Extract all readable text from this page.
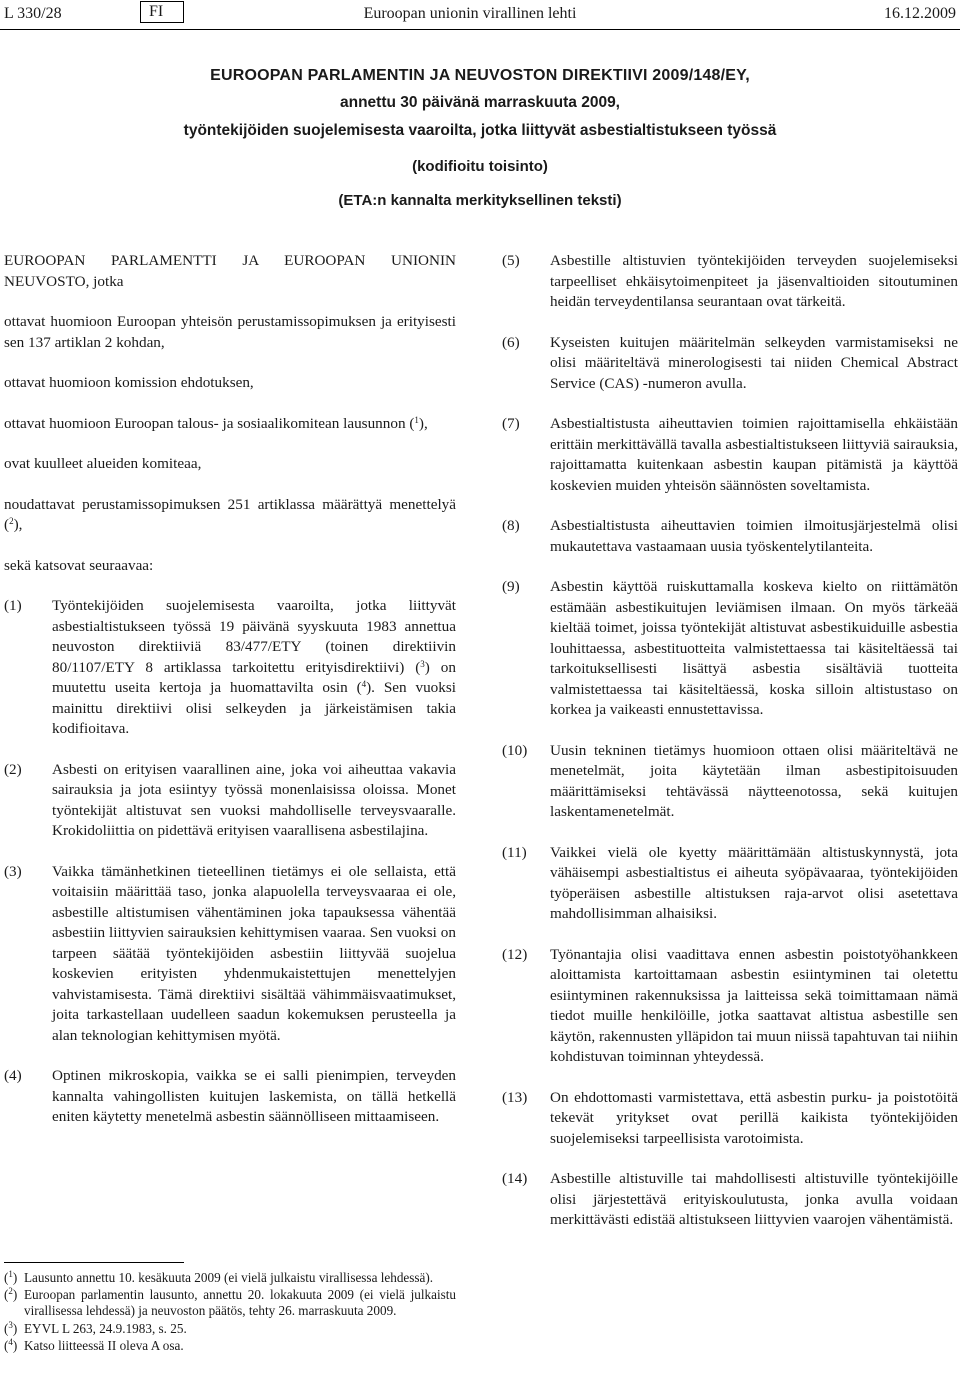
L 330/28	FI	Euroopan unionin virallinen lehti	16.12.2009
EUROOPAN PARLAMENTIN JA NEUVOSTON DIREKTIIVI 2009/148/EY,
annettu 30 päivänä marraskuuta 2009,
työntekijöiden suojelemisesta vaaroilta, jotka liittyvät asbestialtistukseen työssä
(kodifioitu toisinto)
(ETA:n kannalta merkityksellinen teksti)
EUROOPAN PARLAMENTTI JA EUROOPAN UNIONIN NEUVOSTO, jotka
ottavat huomioon Euroopan yhteisön perustamissopimuksen ja erityisesti sen 137 artiklan 2 kohdan,
ottavat huomioon komission ehdotuksen,
ottavat huomioon Euroopan talous- ja sosiaalikomitean lausunnon ($^1$),
ovat kuulleet alueiden komiteaa,
noudattavat perustamissopimuksen 251 artiklassa määrättyä menettelyä ($^2$),
sekä katsovat seuraavaa:
(1)	Työntekijöiden suojelemisesta vaaroilta, jotka liittyvät asbestialtistukseen työssä 19 päivänä syyskuuta 1983 annettua neuvoston direktiiviä 83/477/ETY (toinen direktiivin 80/1107/ETY 8 artiklassa tarkoitettu erityisdirektiivi) ($^3$) on muutettu useita kertoja ja huomattavilta osin ($^4$). Sen vuoksi mainittu direktiivi olisi selkeyden ja järkeistämisen takia kodifioitava.
(2)	Asbesti on erityisen vaarallinen aine, joka voi aiheuttaa vakavia sairauksia ja jota esiintyy työssä monenlaisissa oloissa. Monet työntekijät altistuvat sen vuoksi mahdolliselle terveysvaaralle. Krokidoliittia on pidettävä erityisen vaarallisena asbestilajina.
(3)	Vaikka tämänhetkinen tieteellinen tietämys ei ole sellaista, että voitaisiin määrittää taso, jonka alapuolella terveysvaaraa ei ole, asbestille altistumisen vähentäminen joka tapauksessa vähentää asbestiin liittyvien sairauksien kehittymisen vaaraa. Sen vuoksi on tarpeen säätää työntekijöiden asbestiin liittyvää suojelua koskevien erityisten yhdenmukaistettujen menettelyjen vahvistamisesta. Tämä direktiivi sisältää vähimmäisvaatimukset, joita tarkastellaan uudelleen saadun kokemuksen perusteella ja alan teknologian kehittymisen myötä.
(4)	Optinen mikroskopia, vaikka se ei salli pienimpien, terveyden kannalta vahingollisten kuitujen laskemista, on tällä hetkellä eniten käytetty menetelmä asbestin säännölliseen mittaamiseen.
(5)	Asbestille altistuvien työntekijöiden terveyden suojelemiseksi tarpeelliset ehkäisytoimenpiteet ja jäsenvaltioiden sitoutuminen heidän terveydentilansa seurantaan ovat tärkeitä.
(6)	Kyseisten kuitujen määritelmän selkeyden varmistamiseksi ne olisi määriteltävä minerologisesti tai niiden Chemical Abstract Service (CAS) -numeron avulla.
(7)	Asbestialtistusta aiheuttavien toimien rajoittamisella ehkäistään erittäin merkittävällä tavalla asbestialtistukseen liittyviä sairauksia, rajoittamatta kuitenkaan asbestin kaupan pitämistä ja käyttöä koskevien muiden yhteisön säännösten soveltamista.
(8)	Asbestialtistusta aiheuttavien toimien ilmoitusjärjestelmä olisi mukautettava vastaamaan uusia työskentelytilanteita.
(9)	Asbestin käyttöä ruiskuttamalla koskeva kielto on riittämätön estämään asbestikuitujen leviämisen ilmaan. On myös tärkeää kieltää toimet, joissa työntekijät altistuvat asbestikuiduille asbestia louhittaessa, asbestituotteita valmistettaessa tai käsiteltäessä tai tarkoituksellisesti lisättyä asbestia sisältäviä tuotteita valmistettaessa tai käsiteltäessä, koska silloin altistustaso on korkea ja vaikeasti ennustettavissa.
(10)	Uusin tekninen tietämys huomioon ottaen olisi määriteltävä ne menetelmät, joita käytetään ilman asbestipitoisuuden määrittämiseksi tehtävässä näytteenotossa, sekä kuitujen laskentamenetelmät.
(11)	Vaikkei vielä ole kyetty määrittämään altistuskynnystä, jota vähäisempi asbestialtistus ei aiheuta syöpävaaraa, työntekijöiden työperäisen asbestille altistuksen raja-arvot olisi asetettava mahdollisimman alhaisiksi.
(12)	Työnantajia olisi vaadittava ennen asbestin poistotyöhankkeen aloittamista kartoittamaan asbestin esiintyminen tai oletettu esiintyminen rakennuksissa ja laitteissa sekä toimittamaan nämä tiedot muille henkilöille, jotka saattavat altistua asbestille sen käytön, rakennusten ylläpidon tai muun niissä tapahtuvan tai niihin kohdistuvan toiminnan yhteydessä.
(13)	On ehdottomasti varmistettava, että asbestin purku- ja poistotöitä tekevät yritykset ovat perillä kaikista työntekijöiden suojelemiseksi tarpeellisista varotoimista.
(14)	Asbestille altistuville tai mahdollisesti altistuville työntekijöille olisi järjestettävä erityiskoulutusta, jonka avulla voidaan merkittävästi edistää altistukseen liittyvien vaarojen vähentämistä.
($^1$) Lausunto annettu 10. kesäkuuta 2009 (ei vielä julkaistu virallisessa lehdessä).
($^2$) Euroopan parlamentin lausunto, annettu 20. lokakuuta 2009 (ei vielä julkaistu virallisessa lehdessä) ja neuvoston päätös, tehty 26. marraskuuta 2009.
($^3$) EYVL L 263, 24.9.1983, s. 25.
($^4$) Katso liitteessä II oleva A osa.
